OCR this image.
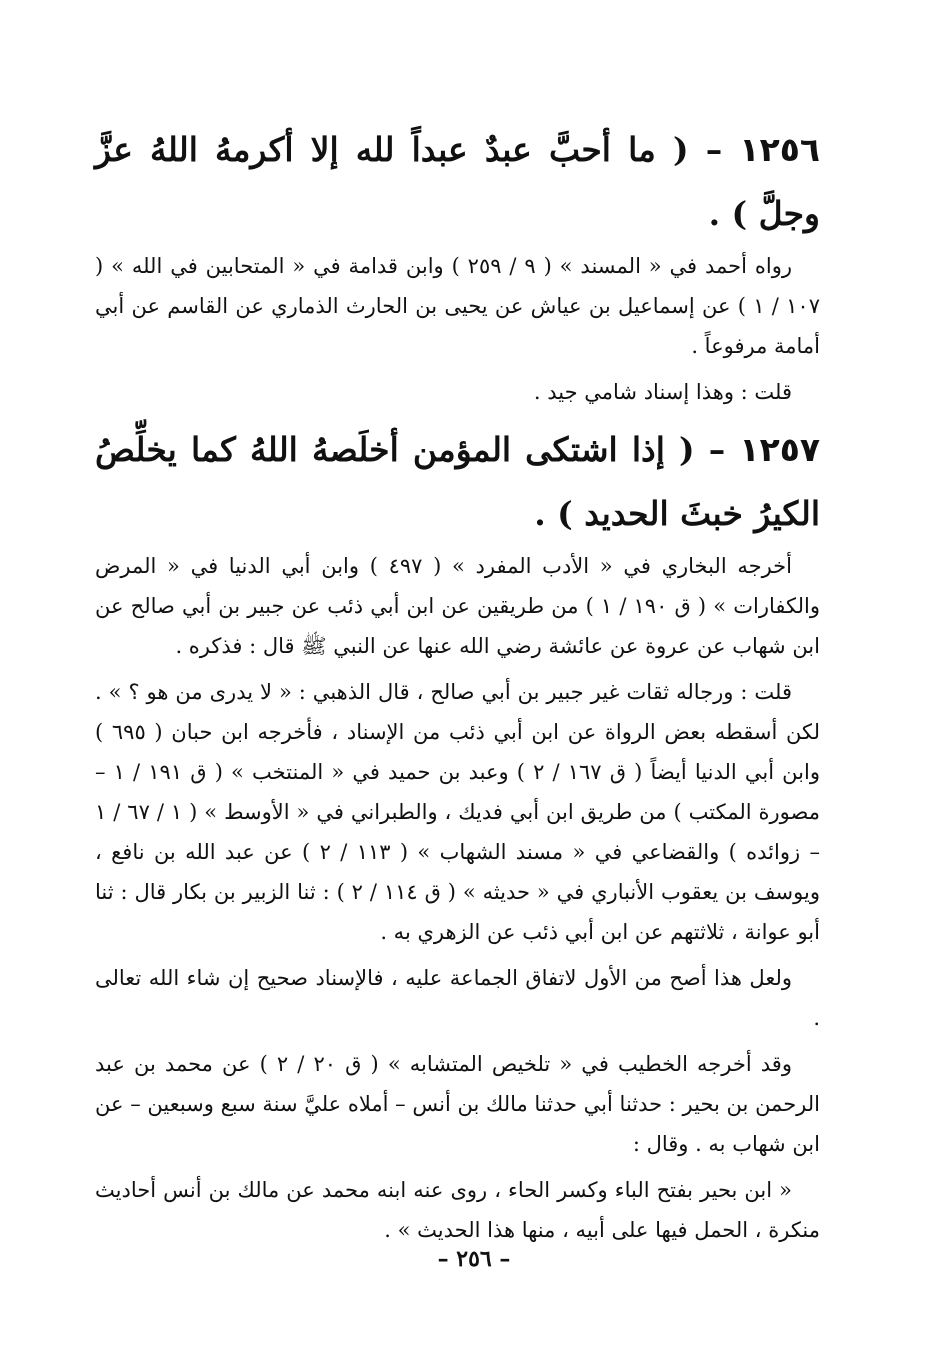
١٢٥٦ – ( ما أحبَّ عبدٌ عبداً لله إلا أكرمهُ اللهُ عزَّ وجلَّ ) .

رواه أحمد في « المسند » ( ٩ / ٢٥٩ ) وابن قدامة في « المتحابين في الله » ( ١٠٧ / ١ ) عن إسماعيل بن عياش عن يحيى بن الحارث الذماري عن القاسم عن أبي أمامة مرفوعاً .

قلت : وهذا إسناد شامي جيد .

١٢٥٧ – ( إذا اشتكى المؤمن أخلَصهُ اللهُ كما يخلِّصُ الكيرُ خبثَ الحديد ) .

أخرجه البخاري في « الأدب المفرد » ( ٤٩٧ ) وابن أبي الدنيا في « المرض والكفارات » ( ق ١٩٠ / ١ ) من طريقين عن ابن أبي ذئب عن جبير بن أبي صالح عن ابن شهاب عن عروة عن عائشة رضي الله عنها عن النبي ﷺ قال : فذكره .

قلت : ورجاله ثقات غير جبير بن أبي صالح ، قال الذهبي : « لا يدرى من هو ؟ » . لكن أسقطه بعض الرواة عن ابن أبي ذئب من الإسناد ، فأخرجه ابن حبان ( ٦٩٥ ) وابن أبي الدنيا أيضاً ( ق ١٦٧ / ٢ ) وعبد بن حميد في « المنتخب » ( ق ١٩١ / ١ – مصورة المكتب ) من طريق ابن أبي فديك ، والطبراني في « الأوسط » ( ١ / ٦٧ / ١ – زوائده ) والقضاعي في « مسند الشهاب » ( ١١٣ / ٢ ) عن عبد الله بن نافع ، ويوسف بن يعقوب الأنباري في « حديثه » ( ق ١١٤ / ٢ ) : ثنا الزبير بن بكار قال : ثنا أبو عوانة ، ثلاثتهم عن ابن أبي ذئب عن الزهري به .

ولعل هذا أصح من الأول لاتفاق الجماعة عليه ، فالإسناد صحيح إن شاء الله تعالى .

وقد أخرجه الخطيب في « تلخيص المتشابه » ( ق ٢٠ / ٢ ) عن محمد بن عبد الرحمن بن بحير : حدثنا أبي حدثنا مالك بن أنس – أملاه عليَّ سنة سبع وسبعين – عن ابن شهاب به . وقال :

« ابن بحير بفتح الباء وكسر الحاء ، روى عنه ابنه محمد عن مالك بن أنس أحاديث منكرة ، الحمل فيها على أبيه ، منها هذا الحديث » .

– ٢٥٦ –
